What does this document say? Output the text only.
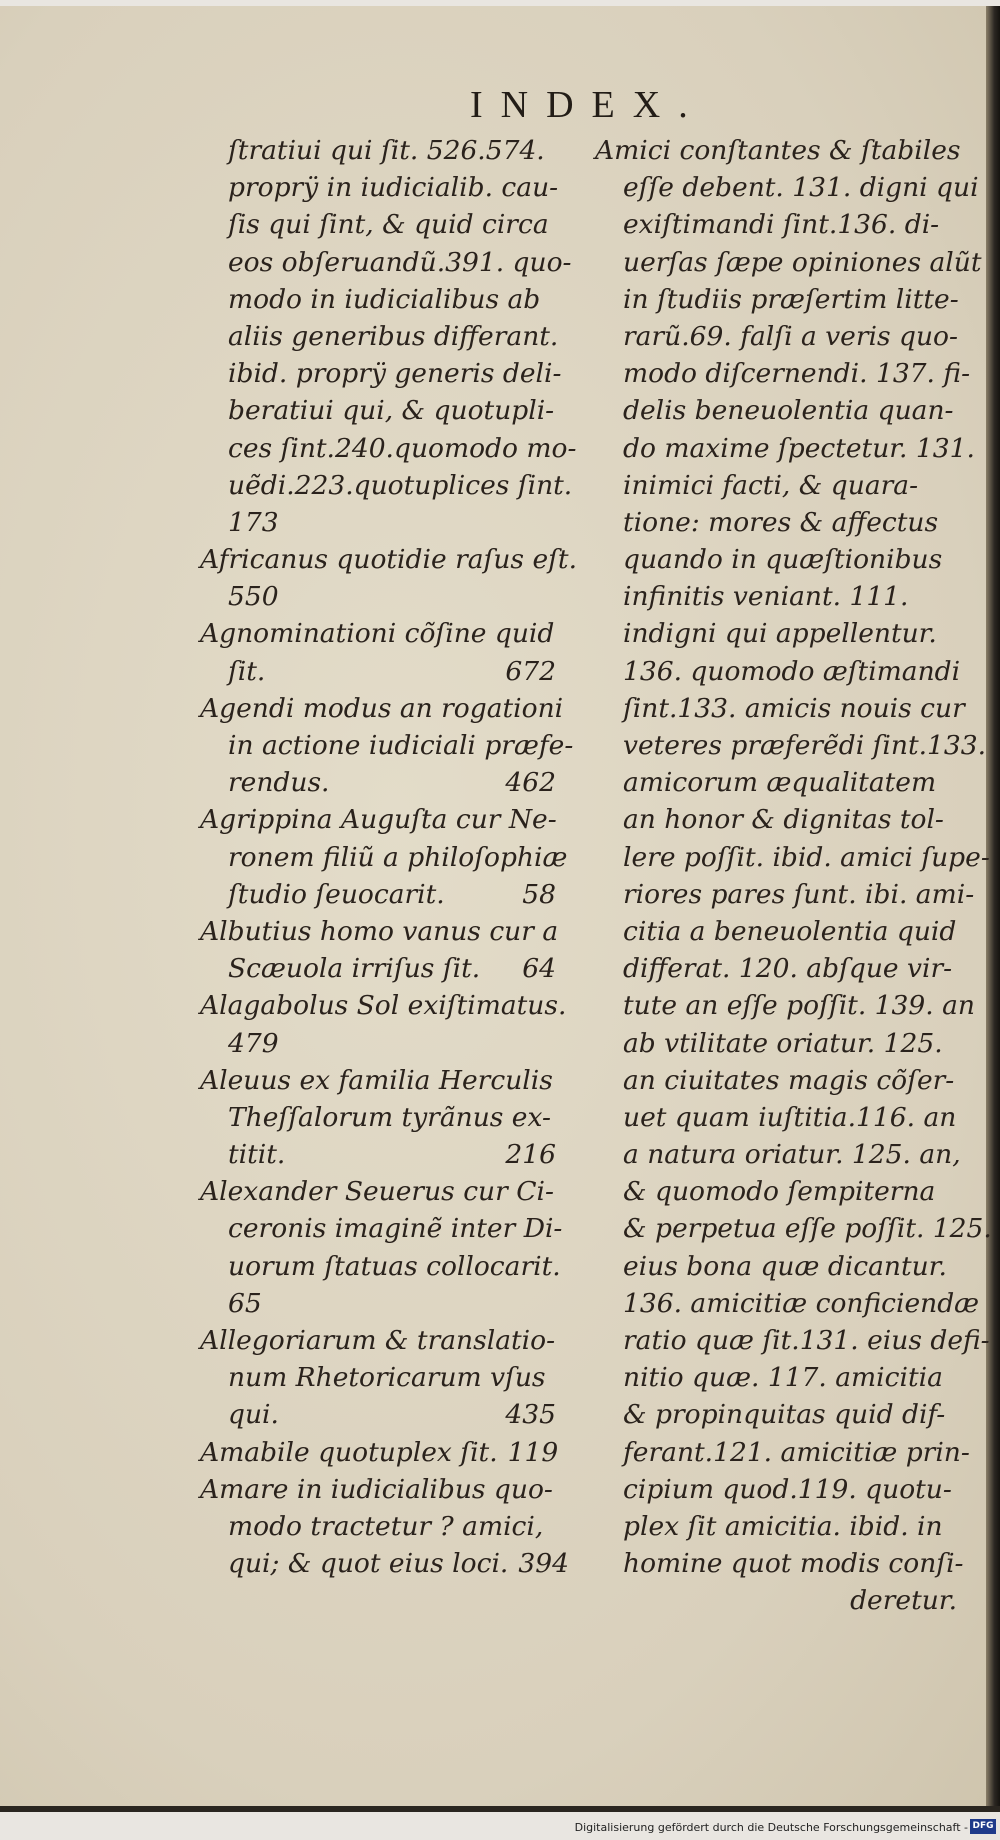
INDEX.
ſtratiui qui ſit. 526.574.
proprÿ in iudicialib. cau-
ſis qui ſint, & quid circa
eos obſeruandũ.391. quo-
modo in iudicialibus ab
aliis generibus differant.
ibid. proprÿ generis deli-
beratiui qui, & quotupli-
ces ſint.240.quomodo mo-
uẽdi.223.quotuplices ſint.
173
Africanus quotidie raſus eſt.
550
Agnominationi cõſine quid
ſit.	672
Agendi modus an rogationi
in actione iudiciali præfe-
rendus.	462
Agrippina Auguſta cur Ne-
ronem filiũ a philoſophiæ
ſtudio ſeuocarit.	58
Albutius homo vanus cur a
Scæuola irriſus ſit.	64
Alagabolus Sol exiſtimatus.
479
Aleuus ex familia Herculis
Theſſalorum tyrãnus ex-
titit.	216
Alexander Seuerus cur Ci-
ceronis imaginẽ inter Di-
uorum ſtatuas collocarit.
65
Allegoriarum & translatio-
num Rhetoricarum vſus
qui.	435
Amabile quotuplex ſit. 119
Amare in iudicialibus quo-
modo tractetur ? amici,
qui; & quot eius loci. 394
Amici conſtantes & ſtabiles
eſſe debent. 131. digni qui
exiſtimandi ſint.136. di-
uerſas ſæpe opiniones alũt
in ſtudiis præſertim litte-
rarũ.69. falſi a veris quo-
modo diſcernendi. 137. fi-
delis beneuolentia quan-
do maxime ſpectetur. 131.
inimici facti, & quara-
tione: mores & affectus
quando in quæſtionibus
infinitis veniant. 111.
indigni qui appellentur.
136. quomodo æſtimandi
ſint.133. amicis nouis cur
veteres præferẽdi ſint.133.
amicorum æqualitatem
an honor & dignitas tol-
lere poſſit. ibid. amici ſupe-
riores pares ſunt. ibi. ami-
citia a beneuolentia quid
differat. 120. abſque vir-
tute an eſſe poſſit. 139. an
ab vtilitate oriatur. 125.
an ciuitates magis cõſer-
uet quam iuſtitia.116. an
a natura oriatur. 125. an,
& quomodo ſempiterna
& perpetua eſſe poſſit. 125.
eius bona quæ dicantur.
136. amicitiæ conficiendæ
ratio quæ ſit.131. eius defi-
nitio quæ. 117. amicitia
& propinquitas quid dif-
ferant.121. amicitiæ prin-
cipium quod.119. quotu-
plex ſit amicitia. ibid. in
homine quot modis conſi-
deretur.
Digitalisierung gefördert durch die Deutsche Forschungsgemeinschaft - DFG
